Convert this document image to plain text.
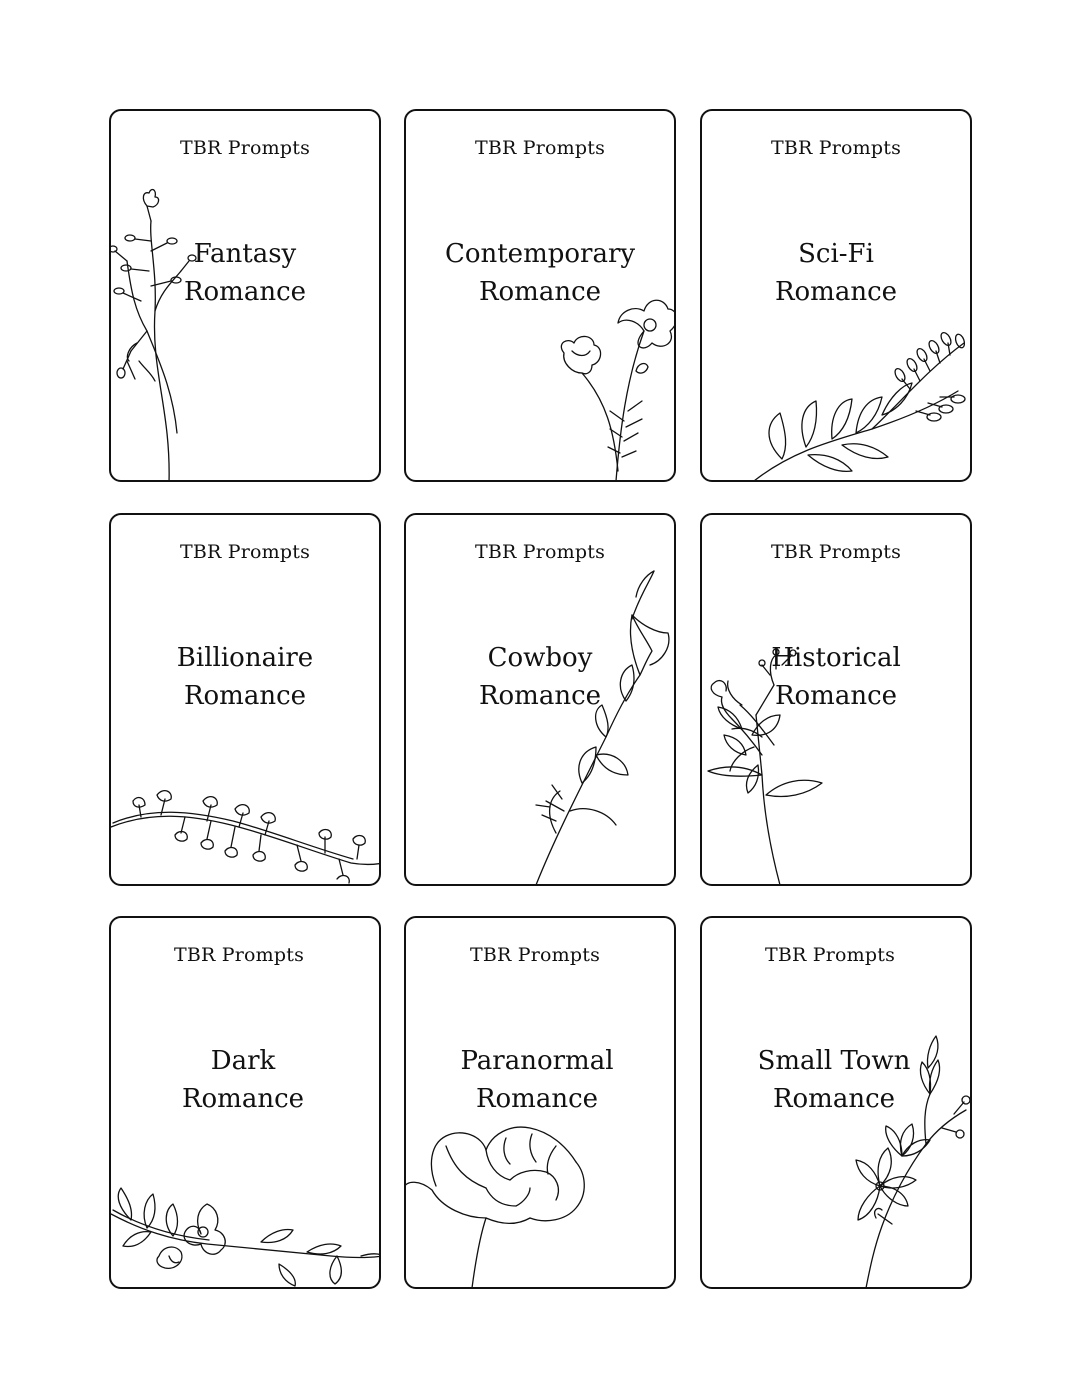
TBR Prompts
Fantasy
Romance
TBR Prompts
Contemporary
Romance
TBR Prompts
Sci-Fi
Romance
TBR Prompts
Billionaire
Romance
TBR Prompts
Cowboy
Romance
TBR Prompts
Historical
Romance
TBR Prompts
Dark
Romance
TBR Prompts
Paranormal
Romance
TBR Prompts
Small Town
Romance
